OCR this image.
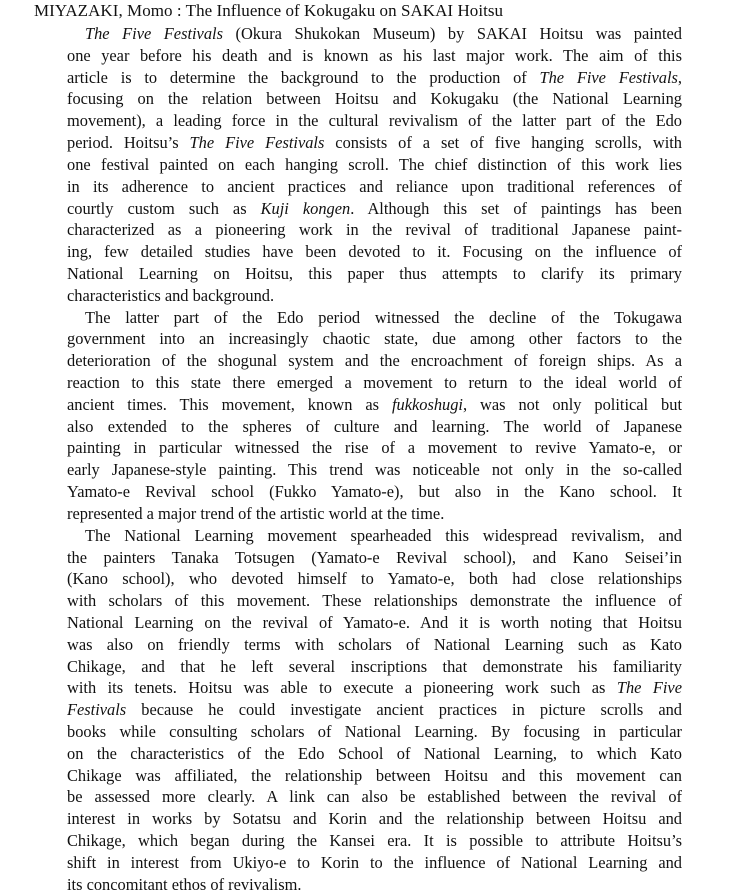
MIYAZAKI, Momo : The Influence of Kokugaku on SAKAI Hoitsu
The Five Festivals (Okura Shukokan Museum) by SAKAI Hoitsu was painted
one year before his death and is known as his last major work. The aim of this
article is to determine the background to the production of The Five Festivals,
focusing on the relation between Hoitsu and Kokugaku (the National Learning
movement), a leading force in the cultural revivalism of the latter part of the Edo
period. Hoitsu’s The Five Festivals consists of a set of five hanging scrolls, with
one festival painted on each hanging scroll. The chief distinction of this work lies
in its adherence to ancient practices and reliance upon traditional references of
courtly custom such as Kuji kongen. Although this set of paintings has been
characterized as a pioneering work in the revival of traditional Japanese paint-
ing, few detailed studies have been devoted to it. Focusing on the influence of
National Learning on Hoitsu, this paper thus attempts to clarify its primary
characteristics and background.
The latter part of the Edo period witnessed the decline of the Tokugawa
government into an increasingly chaotic state, due among other factors to the
deterioration of the shogunal system and the encroachment of foreign ships. As a
reaction to this state there emerged a movement to return to the ideal world of
ancient times. This movement, known as fukkoshugi, was not only political but
also extended to the spheres of culture and learning. The world of Japanese
painting in particular witnessed the rise of a movement to revive Yamato-e, or
early Japanese-style painting. This trend was noticeable not only in the so-called
Yamato-e Revival school (Fukko Yamato-e), but also in the Kano school. It
represented a major trend of the artistic world at the time.
The National Learning movement spearheaded this widespread revivalism, and
the painters Tanaka Totsugen (Yamato-e Revival school), and Kano Seisei’in
(Kano school), who devoted himself to Yamato-e, both had close relationships
with scholars of this movement. These relationships demonstrate the influence of
National Learning on the revival of Yamato-e. And it is worth noting that Hoitsu
was also on friendly terms with scholars of National Learning such as Kato
Chikage, and that he left several inscriptions that demonstrate his familiarity
with its tenets. Hoitsu was able to execute a pioneering work such as The Five
Festivals because he could investigate ancient practices in picture scrolls and
books while consulting scholars of National Learning. By focusing in particular
on the characteristics of the Edo School of National Learning, to which Kato
Chikage was affiliated, the relationship between Hoitsu and this movement can
be assessed more clearly. A link can also be established between the revival of
interest in works by Sotatsu and Korin and the relationship between Hoitsu and
Chikage, which began during the Kansei era. It is possible to attribute Hoitsu’s
shift in interest from Ukiyo-e to Korin to the influence of National Learning and
its concomitant ethos of revivalism.
